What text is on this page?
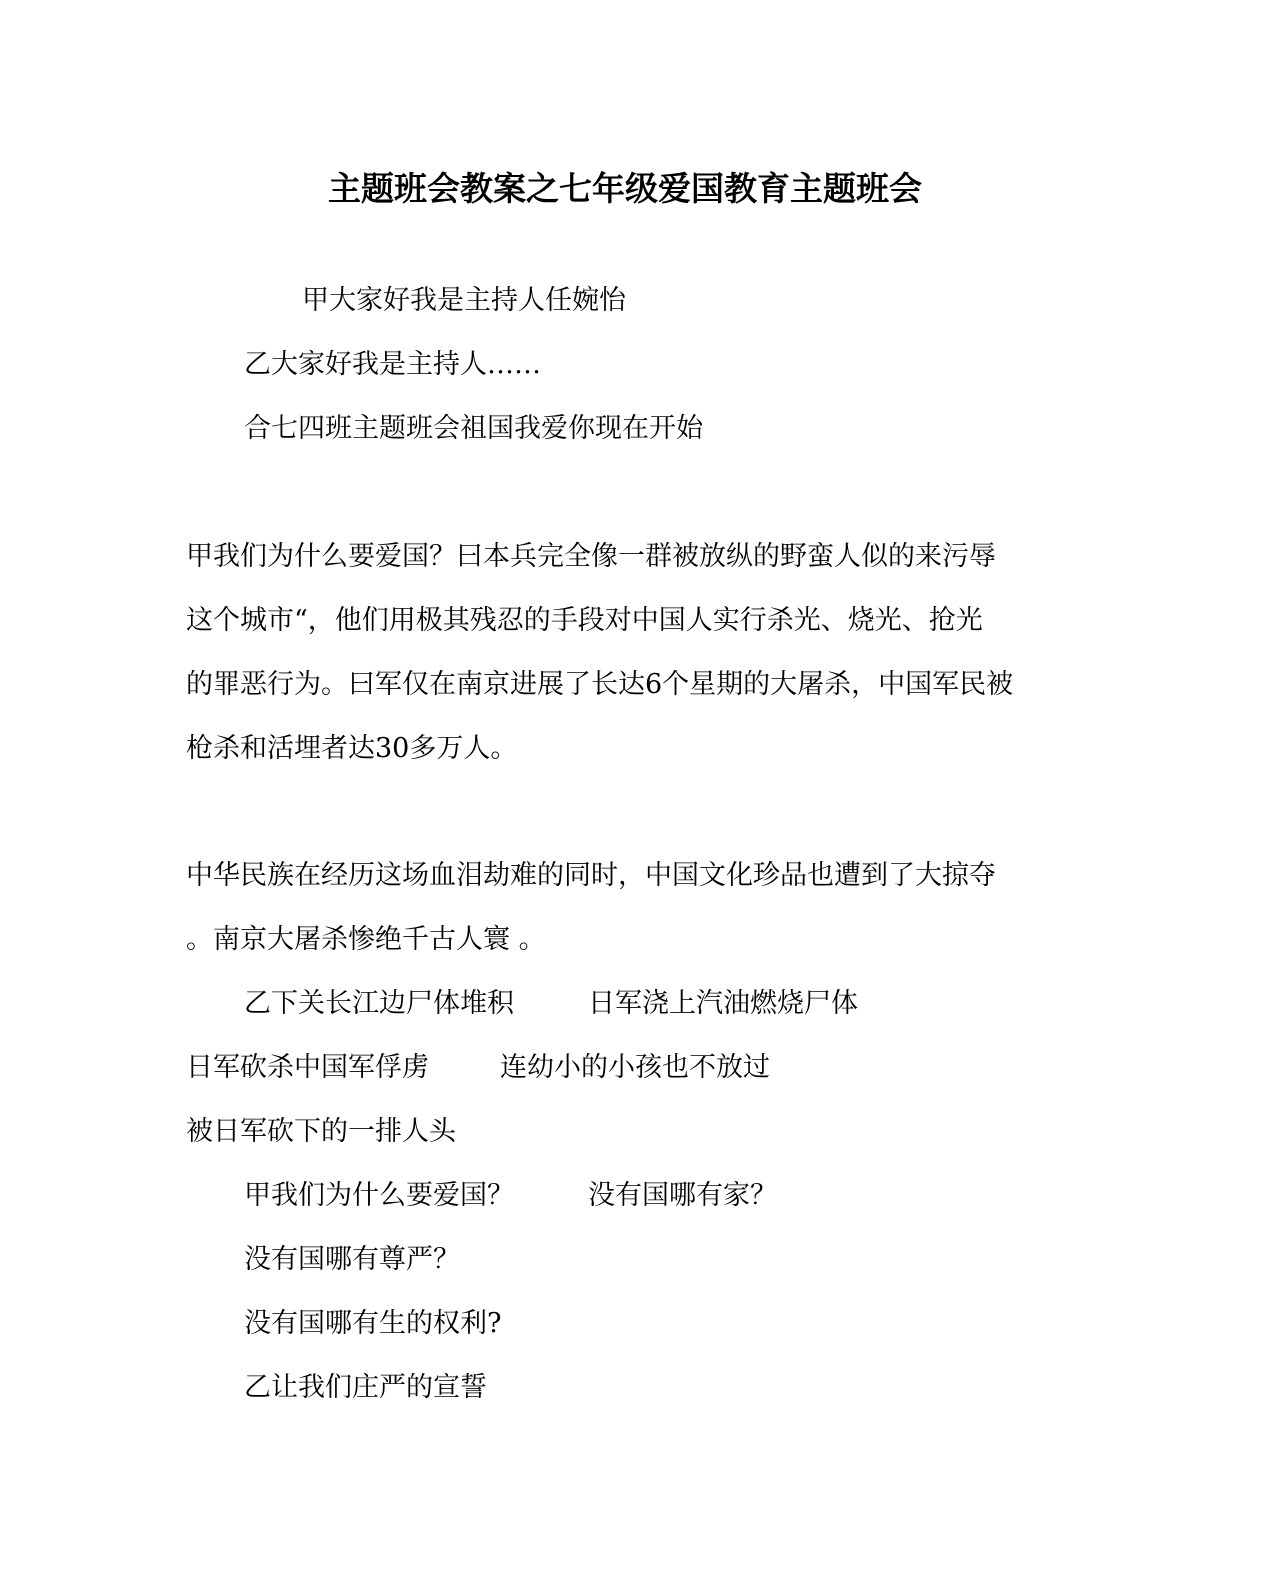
主题班会教案之七年级爱国教育主题班会
甲大家好我是主持人任婉怡
乙大家好我是主持人……
合七四班主题班会祖国我爱你现在开始
甲我们为什么要爱国？曰本兵完全像一群被放纵的野蛮人似的来污辱
这个城市“，他们用极其残忍的手段对中国人实行杀光、烧光、抢光
的罪恶行为。曰军仅在南京进展了长达6个星期的大屠杀，中国军民被
枪杀和活埋者达30多万人。
中华民族在经历这场血泪劫难的同时，中国文化珍品也遭到了大掠夺
。南京大屠杀惨绝千古人寰 。
乙下关长江边尸体堆积	日军浇上汽油燃烧尸体
日军砍杀中国军俘虏	连幼小的小孩也不放过
被日军砍下的一排人头
甲我们为什么要爱国？	没有国哪有家？
没有国哪有尊严？
没有国哪有生的权利?
乙让我们庄严的宣誓
